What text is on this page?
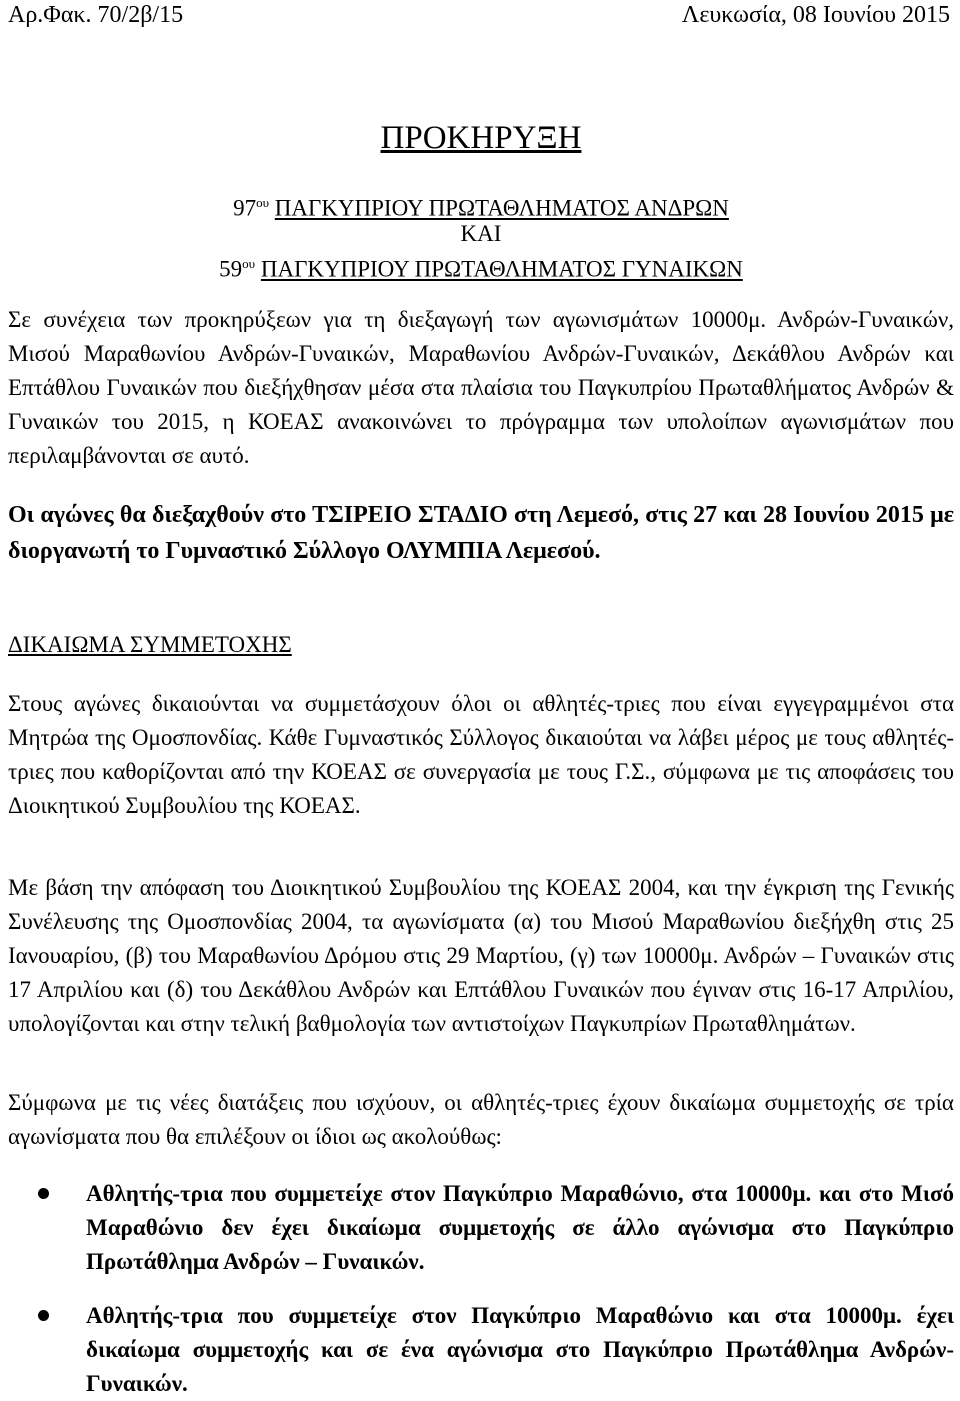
Αρ.Φακ. 70/2β/15	Λευκωσία, 08 Ιουνίου 2015
ΠΡΟΚΗΡΥΞΗ
$97^{o\upsilon}$ ΠΑΓΚΥΠΡΙΟΥ ΠΡΩΤΑΘΛΗΜΑΤΟΣ ΑΝΔΡΩΝ
ΚΑΙ
$59^{o\upsilon}$ ΠΑΓΚΥΠΡΙΟΥ ΠΡΩΤΑΘΛΗΜΑΤΟΣ ΓΥΝΑΙΚΩΝ
Σε συνέχεια των προκηρύξεων για τη διεξαγωγή των αγωνισμάτων 10000μ. Ανδρών-Γυναικών, Μισού Μαραθωνίου Ανδρών-Γυναικών, Μαραθωνίου Ανδρών-Γυναικών, Δεκάθλου Ανδρών και Επτάθλου Γυναικών που διεξήχθησαν μέσα στα πλαίσια του Παγκυπρίου Πρωταθλήματος Ανδρών & Γυναικών του 2015, η ΚΟΕΑΣ ανακοινώνει το πρόγραμμα των υπολοίπων αγωνισμάτων που περιλαμβάνονται σε αυτό.
Οι αγώνες θα διεξαχθούν στο ΤΣΙΡΕΙΟ ΣΤΑΔΙΟ στη Λεμεσό, στις 27 και 28 Ιουνίου 2015 με διοργανωτή το Γυμναστικό Σύλλογο ΟΛΥΜΠΙΑ Λεμεσού.
ΔΙΚΑΙΩΜΑ ΣΥΜΜΕΤΟΧΗΣ
Στους αγώνες δικαιούνται να συμμετάσχουν όλοι οι αθλητές-τριες που είναι εγγεγραμμένοι στα Μητρώα της Ομοσπονδίας. Κάθε Γυμναστικός Σύλλογος δικαιούται να λάβει μέρος με τους αθλητές-τριες που καθορίζονται από την ΚΟΕΑΣ σε συνεργασία με τους Γ.Σ., σύμφωνα με τις αποφάσεις του Διοικητικού Συμβουλίου της ΚΟΕΑΣ.
Με βάση την απόφαση του Διοικητικού Συμβουλίου της ΚΟΕΑΣ 2004, και την έγκριση της Γενικής Συνέλευσης της Ομοσπονδίας 2004, τα αγωνίσματα (α) του Μισού Μαραθωνίου διεξήχθη στις 25 Ιανουαρίου, (β) του Μαραθωνίου Δρόμου στις 29 Μαρτίου, (γ) των 10000μ. Ανδρών – Γυναικών στις 17 Απριλίου και (δ) του Δεκάθλου Ανδρών και Επτάθλου Γυναικών που έγιναν στις 16-17 Απριλίου, υπολογίζονται και στην τελική βαθμολογία των αντιστοίχων Παγκυπρίων Πρωταθλημάτων.
Σύμφωνα με τις νέες διατάξεις που ισχύουν, οι αθλητές-τριες έχουν δικαίωμα συμμετοχής σε τρία αγωνίσματα που θα επιλέξουν οι ίδιοι ως ακολούθως:
Αθλητής-τρια που συμμετείχε στον Παγκύπριο Μαραθώνιο, στα 10000μ. και στο Μισό Μαραθώνιο δεν έχει δικαίωμα συμμετοχής σε άλλο αγώνισμα στο Παγκύπριο Πρωτάθλημα Ανδρών – Γυναικών.
Αθλητής-τρια που συμμετείχε στον Παγκύπριο Μαραθώνιο και στα 10000μ. έχει δικαίωμα συμμετοχής και σε ένα αγώνισμα στο Παγκύπριο Πρωτάθλημα Ανδρών-Γυναικών.
